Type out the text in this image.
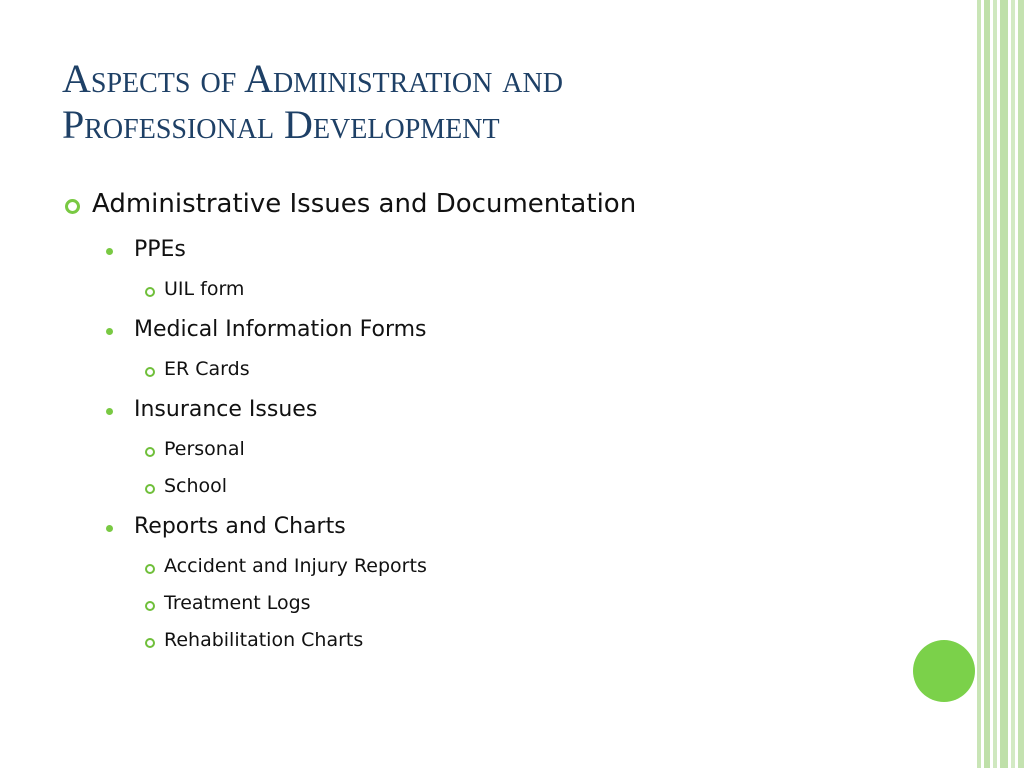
Aspects of Administration and
Professional Development
Administrative Issues and Documentation
PPEs
UIL form
Medical Information Forms
ER Cards
Insurance Issues
Personal
School
Reports and Charts
Accident and Injury Reports
Treatment Logs
Rehabilitation Charts
